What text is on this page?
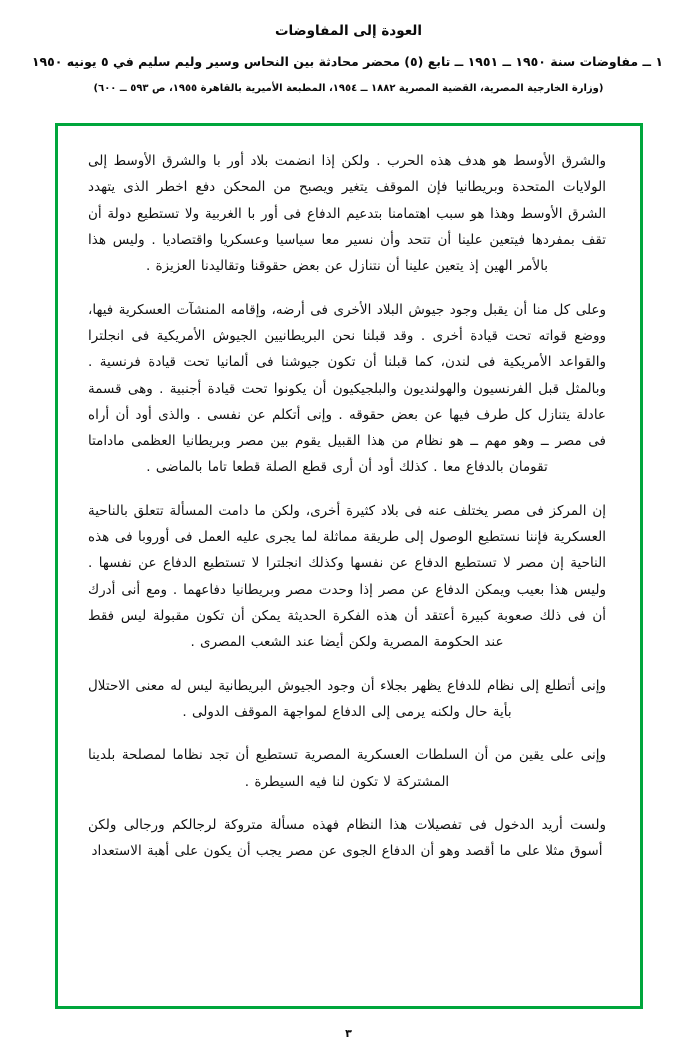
العودة إلى المفاوضات
١ ــ مفاوضات سنة ١٩٥٠ ــ ١٩٥١ ــ تابع (٥) محضر محادثة بين النحاس وسير وليم سليم في ٥ يونيه ١٩٥٠
(وزارة الخارجية المصرية، القضية المصرية ١٨٨٢ ــ ١٩٥٤، المطبعة الأميرية بالقاهرة ١٩٥٥، ص ٥٩٣ ــ ٦٠٠)

والشرق الأوسط هو هدف هذه الحرب . ولكن إذا انضمت بلاد أور با والشرق الأوسط إلى الولايات المتحدة وبريطانيا فإن الموقف يتغير ويصبح من المحكن دفع اخطر الذى يتهدد الشرق الأوسط وهذا هو سبب اهتمامنا بتدعيم الدفاع فى أور با الغربية ولا تستطيع دولة أن تقف بمفردها فيتعين علينا أن تتحد وأن نسير معا سياسيا وعسكريا واقتصاديا . وليس هذا بالأمر الهين إذ يتعين علينا أن نتنازل عن بعض حقوقنا وتقاليدنا العزيزة .

وعلى كل منا أن يقبل وجود جيوش البلاد الأخرى فى أرضه، وإقامه المنشآت العسكرية فيها، ووضع قواته تحت قيادة أخرى . وقد قبلنا نحن البريطانيين الجيوش الأمريكية فى انجلترا والقواعد الأمريكية فى لندن، كما قبلنا أن تكون جيوشنا فى ألمانيا تحت قيادة فرنسية . وبالمثل قبل الفرنسيون والهولنديون والبلجيكيون أن يكونوا تحت قيادة أجنبية . وهى قسمة عادلة يتنازل كل طرف فيها عن بعض حقوقه . وإنى أتكلم عن نفسى . والذى أود أن أراه فى مصر ــ وهو مهم ــ هو نظام من هذا القبيل يقوم بين مصر وبريطانيا العظمى مادامتا تقومان بالدفاع معا . كذلك أود أن أرى قطع الصلة قطعا تاما بالماضى .

إن المركز فى مصر يختلف عنه فى بلاد كثيرة أخرى، ولكن ما دامت المسألة تتعلق بالناحية العسكرية فإننا نستطيع الوصول إلى طريقة مماثلة لما يجرى عليه العمل فى أوروبا فى هذه الناحية إن مصر لا تستطيع الدفاع عن نفسها وكذلك انجلترا لا تستطيع الدفاع عن نفسها . وليس هذا بعيب ويمكن الدفاع عن مصر إذا وحدت مصر وبريطانيا دفاعهما . ومع أنى أدرك أن فى ذلك صعوبة كبيرة أعتقد أن هذه الفكرة الحديثة يمكن أن تكون مقبولة ليس فقط عند الحكومة المصرية ولكن أيضا عند الشعب المصرى .

وإنى أتطلع إلى نظام للدفاع يظهر بجلاء أن وجود الجيوش البريطانية ليس له معنى الاحتلال بأية حال ولكنه يرمى إلى الدفاع لمواجهة الموقف الدولى .

وإنى على يقين من أن السلطات العسكرية المصرية تستطيع أن تجد نظاما لمصلحة بلدينا المشتركة لا تكون لنا فيه السيطرة .

ولست أريد الدخول فى تفصيلات هذا النظام فهذه مسألة متروكة لرجالكم ورجالى ولكن أسوق مثلا على ما أقصد وهو أن الدفاع الجوى عن مصر يجب أن يكون على أهبة الاستعداد

٣
